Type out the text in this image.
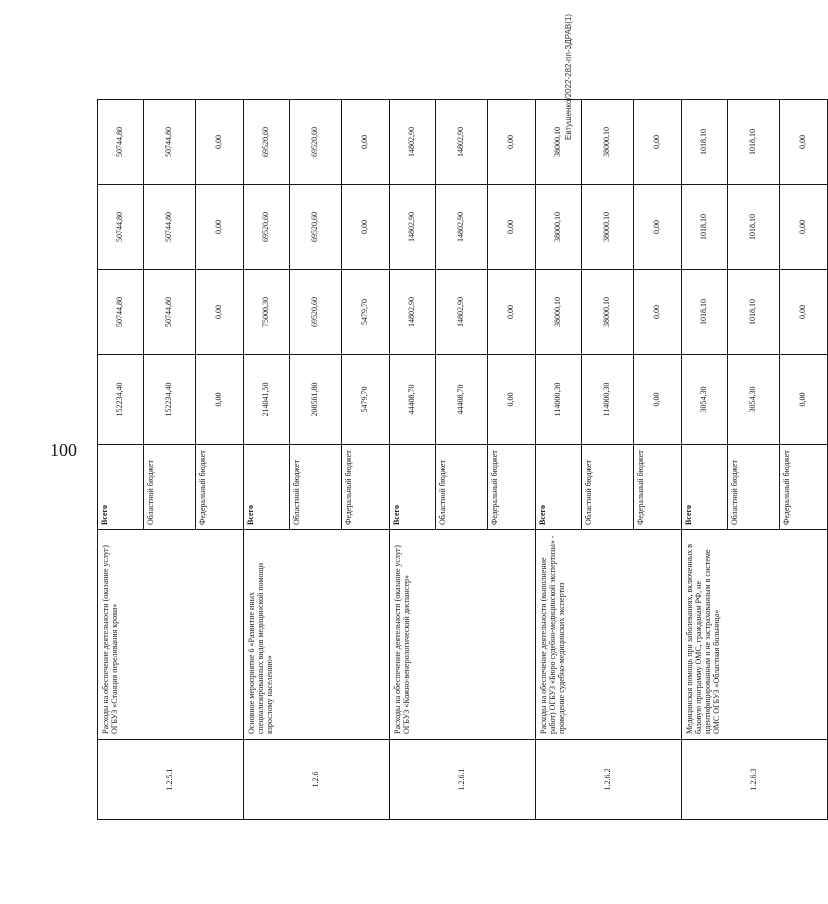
100
Евтушенко/2022-282-пп-ЗДРАВ(1)
1.2.5.1	Расходы на обеспечение деятельности (оказание услуг) ОГБУЗ «Станция переливания крови»	Всего	152234,40	50744,80	50744,80	50744,80
		Областной бюджет	152234,40	50744,80	50744,80	50744,80
		Федеральный бюджет	0,00	0,00	0,00	0,00
1.2.6	Основное мероприятие 6 «Развитие иных специализированных видов медицинской помощи взрослому населению»	Всего	214041,50	75000,30	69520,60	69520,60
		Областной бюджет	208561,80	69520,60	69520,60	69520,60
		Федеральный бюджет	5479,70	5479,70	0,00	0,00
1.2.6.1	Расходы на обеспечение деятельности (оказание услуг) ОГБУЗ «Кожно-венерологический диспансер»	Всего	44408,70	14802,90	14802,90	14802,90
		Областной бюджет	44408,70	14802,90	14802,90	14802,90
		Федеральный бюджет	0,00	0,00	0,00	0,00
1.2.6.2	Расходы на обеспечение деятельности (выполнение работ) ОГБУЗ «Бюро судебно-медицинской экспертизы» - проведение судебно-медицинских экспертиз	Всего	114000,30	38000,10	38000,10	38000,10
		Областной бюджет	114000,30	38000,10	38000,10	38000,10
		Федеральный бюджет	0,00	0,00	0,00	0,00
1.2.6.3	Медицинская помощь при заболеваниях, включенных в базовую программу ОМС, гражданам РФ, не идентифицированным и не застрахованным в системе ОМС ОГБУЗ «Областная больница»	Всего	3054,30	1018,10	1018,10	1018,10
		Областной бюджет	3054,30	1018,10	1018,10	1018,10
		Федеральный бюджет	0,00	0,00	0,00	0,00
